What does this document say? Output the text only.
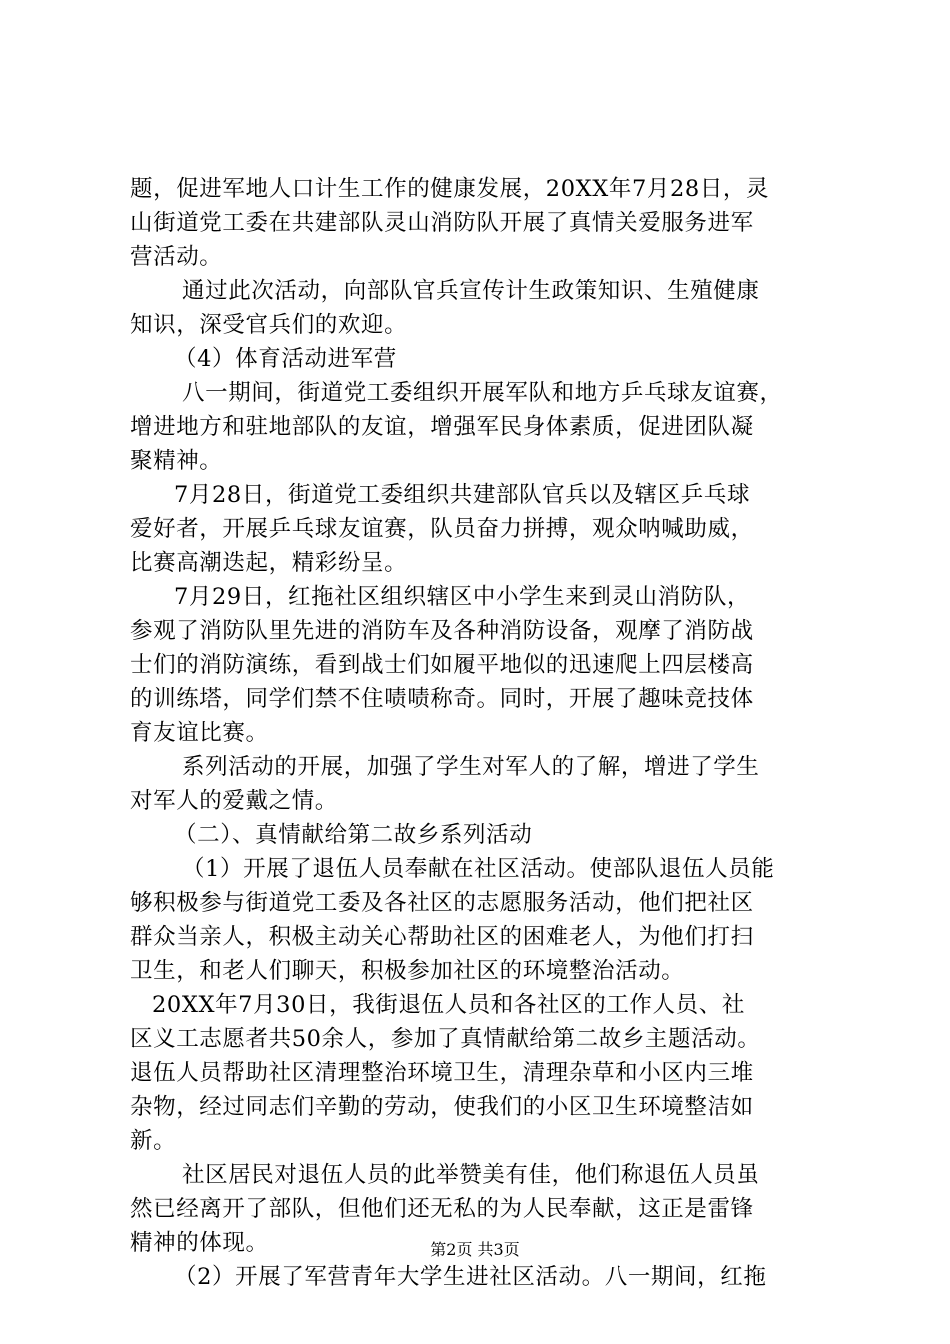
题，促进军地人口计生工作的健康发展，20XX年7月28日，灵
山街道党工委在共建部队灵山消防队开展了真情关爱服务进军
营活动。
通过此次活动，向部队官兵宣传计生政策知识、生殖健康
知识，深受官兵们的欢迎。
（4）体育活动进军营
八一期间，街道党工委组织开展军队和地方乒乓球友谊赛，
增进地方和驻地部队的友谊，增强军民身体素质，促进团队凝
聚精神。
7月28日，街道党工委组织共建部队官兵以及辖区乒乓球
爱好者，开展乒乓球友谊赛，队员奋力拼搏，观众呐喊助威，
比赛高潮迭起，精彩纷呈。
7月29日，红拖社区组织辖区中小学生来到灵山消防队，
参观了消防队里先进的消防车及各种消防设备，观摩了消防战
士们的消防演练，看到战士们如履平地似的迅速爬上四层楼高
的训练塔，同学们禁不住啧啧称奇。同时，开展了趣味竞技体
育友谊比赛。
系列活动的开展，加强了学生对军人的了解，增进了学生
对军人的爱戴之情。
（二）、真情献给第二故乡系列活动
（1）开展了退伍人员奉献在社区活动。使部队退伍人员能
够积极参与街道党工委及各社区的志愿服务活动，他们把社区
群众当亲人，积极主动关心帮助社区的困难老人，为他们打扫
卫生，和老人们聊天，积极参加社区的环境整治活动。
20XX年7月30日，我街退伍人员和各社区的工作人员、社
区义工志愿者共50余人，参加了真情献给第二故乡主题活动。
退伍人员帮助社区清理整治环境卫生，清理杂草和小区内三堆
杂物，经过同志们辛勤的劳动，使我们的小区卫生环境整洁如
新。
社区居民对退伍人员的此举赞美有佳，他们称退伍人员虽
然已经离开了部队，但他们还无私的为人民奉献，这正是雷锋
精神的体现。
（2）开展了军营青年大学生进社区活动。八一期间，红拖
第2页 共3页
